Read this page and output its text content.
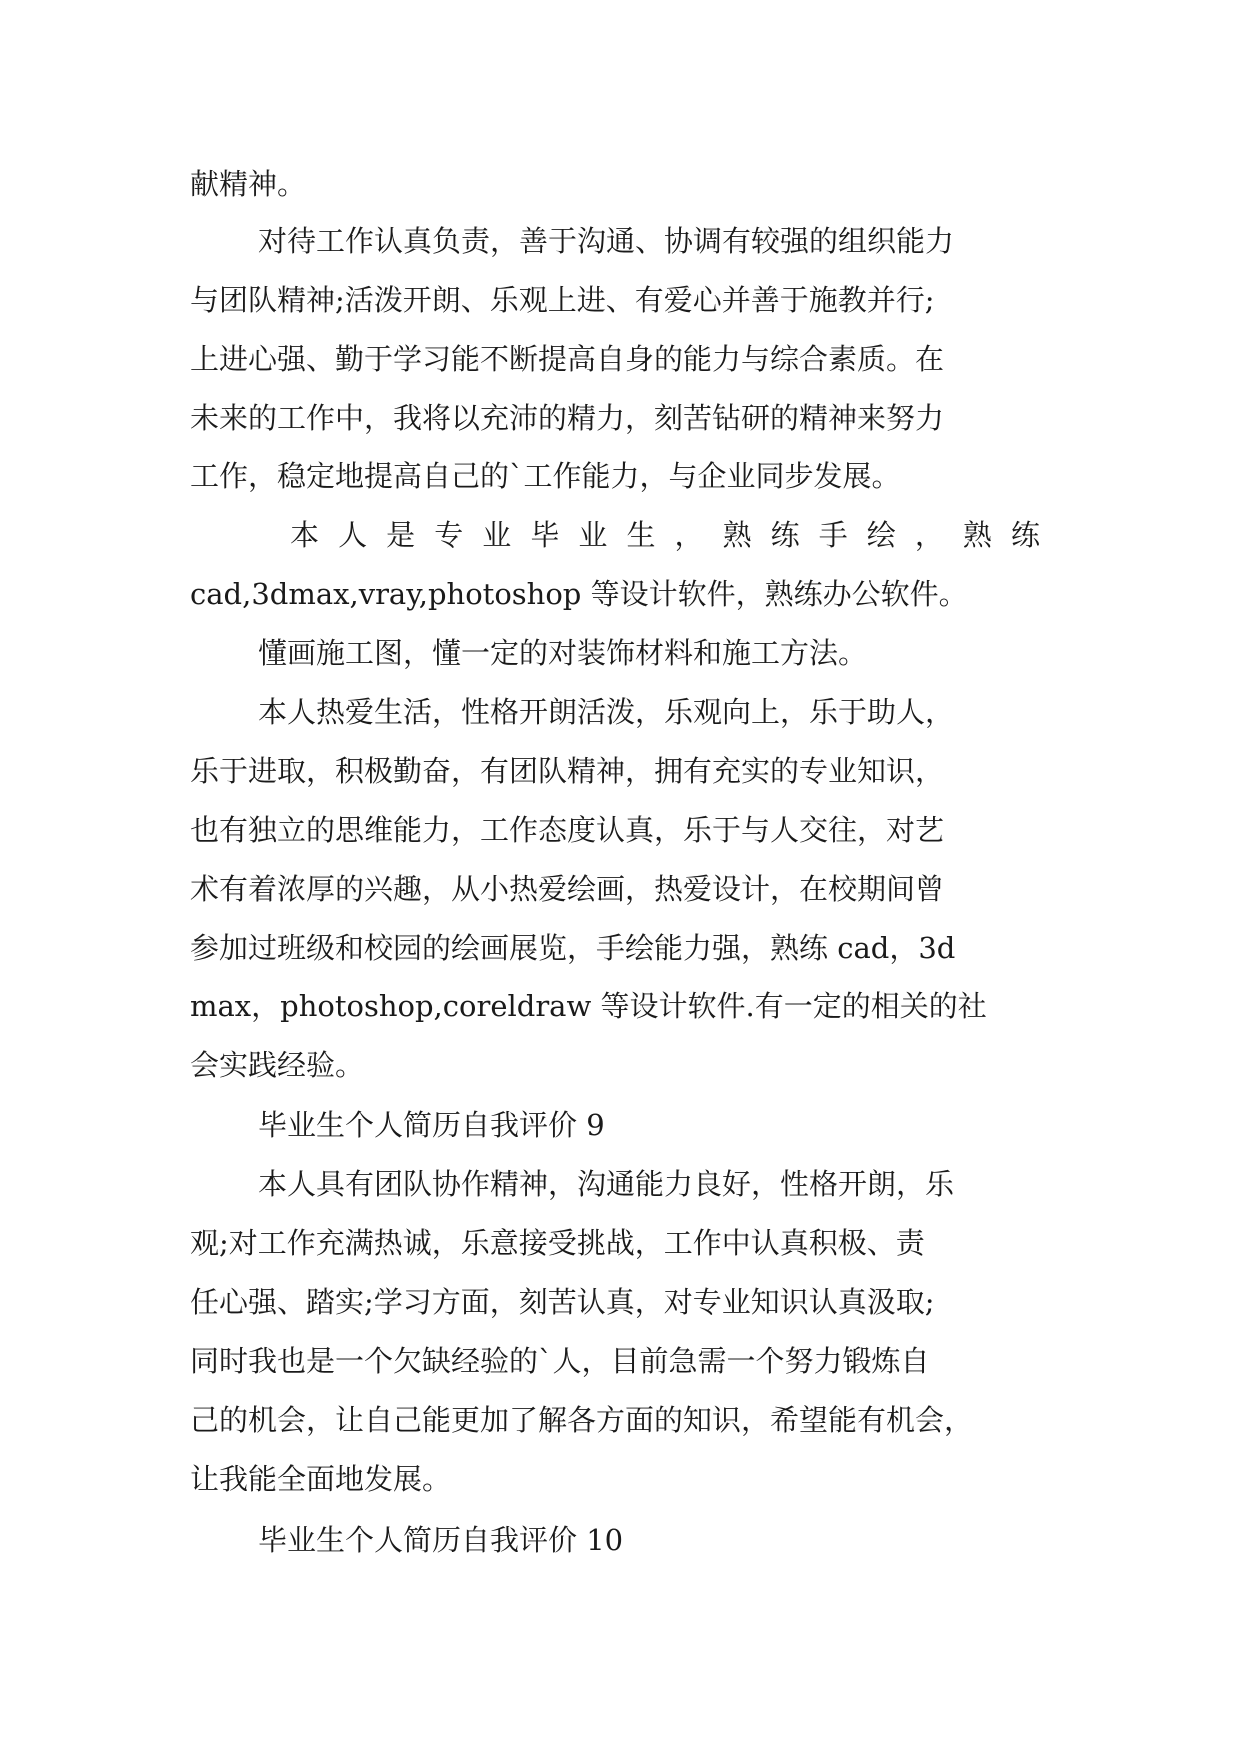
献精神。

对待工作认真负责，善于沟通、协调有较强的组织能力

与团队精神;活泼开朗、乐观上进、有爱心并善于施教并行;

上进心强、勤于学习能不断提高自身的能力与综合素质。在

未来的工作中，我将以充沛的精力，刻苦钻研的精神来努力

工作，稳定地提高自己的`工作能力，与企业同步发展。

本 人 是 专 业 毕 业 生 ， 熟 练 手 绘 ， 熟 练

cad,3dmax,vray,photoshop 等设计软件，熟练办公软件。

懂画施工图，懂一定的对装饰材料和施工方法。

本人热爱生活，性格开朗活泼，乐观向上，乐于助人，

乐于进取，积极勤奋，有团队精神，拥有充实的专业知识，

也有独立的思维能力，工作态度认真，乐于与人交往，对艺

术有着浓厚的兴趣，从小热爱绘画，热爱设计，在校期间曾

参加过班级和校园的绘画展览，手绘能力强，熟练 cad，3d

max，photoshop,coreldraw 等设计软件.有一定的相关的社

会实践经验。

毕业生个人简历自我评价 9

本人具有团队协作精神，沟通能力良好，性格开朗，乐

观;对工作充满热诚，乐意接受挑战，工作中认真积极、责

任心强、踏实;学习方面，刻苦认真，对专业知识认真汲取;

同时我也是一个欠缺经验的`人，目前急需一个努力锻炼自

己的机会，让自己能更加了解各方面的知识，希望能有机会，

让我能全面地发展。

毕业生个人简历自我评价 10
